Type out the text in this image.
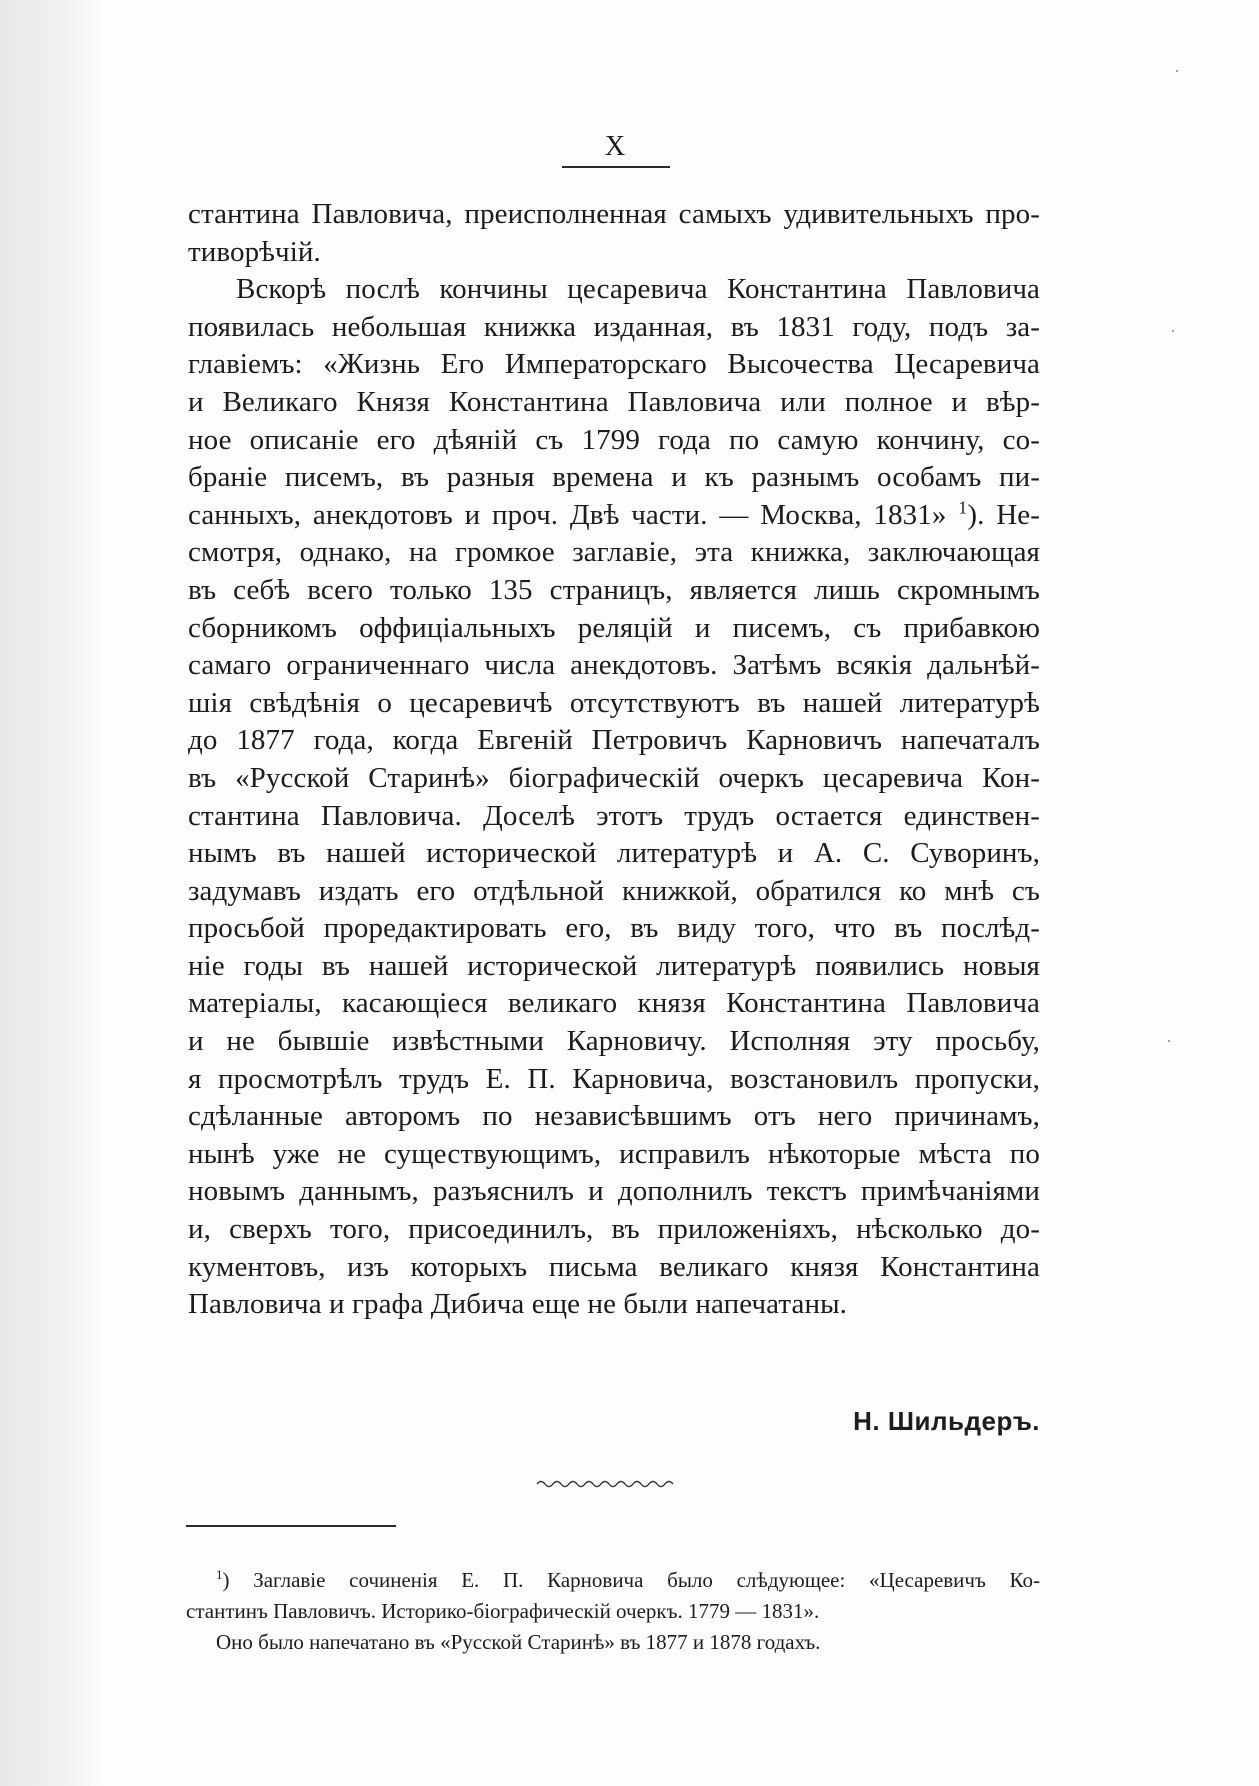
X
стантина Павловича, преисполненная самыхъ удивительныхъ про-
тиворѣчій.
Вскорѣ послѣ кончины цесаревича Константина Павловича
появилась небольшая книжка изданная, въ 1831 году, подъ за-
главіемъ: «Жизнь Его Императорскаго Высочества Цесаревича
и Великаго Князя Константина Павловича или полное и вѣр-
ное описаніе его дѣяній съ 1799 года по самую кончину, со-
браніе писемъ, въ разныя времена и къ разнымъ особамъ пи-
санныхъ, анекдотовъ и проч. Двѣ части. — Москва, 1831» $^1$). Не-
смотря, однако, на громкое заглавіе, эта книжка, заключающая
въ себѣ всего только 135 страницъ, является лишь скромнымъ
сборникомъ оффиціальныхъ реляцій и писемъ, съ прибавкою
самаго ограниченнаго числа анекдотовъ. Затѣмъ всякія дальнѣй-
шія свѣдѣнія о цесаревичѣ отсутствуютъ въ нашей литературѣ
до 1877 года, когда Евгеній Петровичъ Карновичъ напечаталъ
въ «Русской Старинѣ» біографическій очеркъ цесаревича Кон-
стантина Павловича. Доселѣ этотъ трудъ остается единствен-
нымъ въ нашей исторической литературѣ и А. С. Суворинъ,
задумавъ издать его отдѣльной книжкой, обратился ко мнѣ съ
просьбой проредактировать его, въ виду того, что въ послѣд-
ніе годы въ нашей исторической литературѣ появились новыя
матеріалы, касающіеся великаго князя Константина Павловича
и не бывшіе извѣстными Карновичу. Исполняя эту просьбу,
я просмотрѣлъ трудъ Е. П. Карновича, возстановилъ пропуски,
сдѣланные авторомъ по независѣвшимъ отъ него причинамъ,
нынѣ уже не существующимъ, исправилъ нѣкоторые мѣста по
новымъ даннымъ, разъяснилъ и дополнилъ текстъ примѣчаніями
и, сверхъ того, присоединилъ, въ приложеніяхъ, нѣсколько до-
кументовъ, изъ которыхъ письма великаго князя Константина
Павловича и графа Дибича еще не были напечатаны.
Н. Шильдеръ.
$^1$) Заглавіе сочиненія Е. П. Карновича было слѣдующее: «Цесаревичъ Ко-
стантинъ Павловичъ. Историко-біографическій очеркъ. 1779 — 1831».
Оно было напечатано въ «Русской Старинѣ» въ 1877 и 1878 годахъ.
